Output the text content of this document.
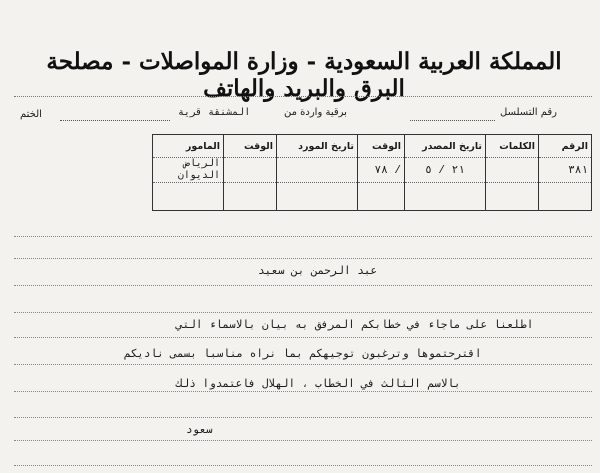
المملكة العربية السعودية - وزارة المواصلات - مصلحة البرق والبريد والهاتف
رقم التسلسل
برقية واردة من
المشنقة قرية
الختم
الرقم	الكلمات	تاريخ المصدر	الوقت	تاريخ المورد	الوقت	المامور
٣٨١		٢١ / ٥	/ ٧٨			الرياض الديوان

عبد الرحمن بن سعيد
اطلعنا على ماجاء في خطابكم المرفق به بيان بالاسماء التي
اقترحتموها وترغبون توجيهكم بما نراه مناسبا بسمى ناديكم
بالاسم الثالث في الخطاب ، الهلال فاعتمدوا ذلك
سعود
